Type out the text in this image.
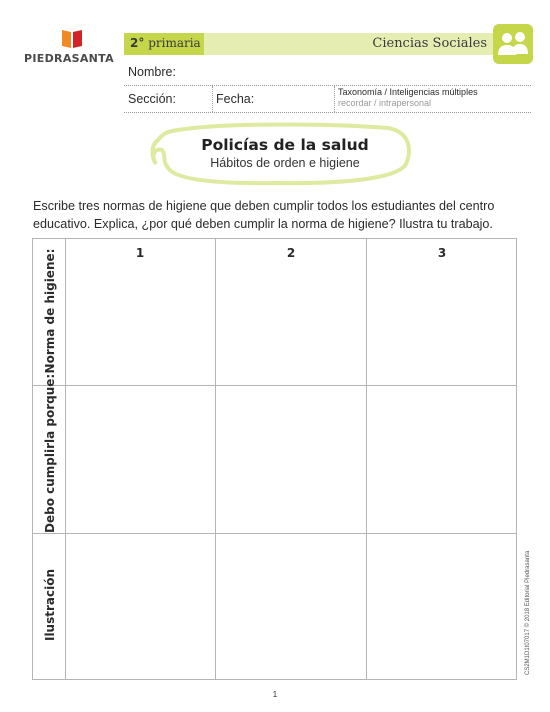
PIEDRASANTA
2° primaria	Ciencias Sociales
Nombre:
Sección:	Fecha:	Taxonomía / Inteligencias múltiples
recordar / intrapersonal
Policías de la salud
Hábitos de orden e higiene
Escribe tres normas de higiene que deben cumplir todos los estudiantes del centro educativo. Explica, ¿por qué deben cumplir la norma de higiene? Ilustra tu trabajo.
1	2	3
Norma de higiene:
Debo cumplirla porque:
Ilustración	CS2M1D1t07017 © 2018 Editorial Piedrasanta
1
